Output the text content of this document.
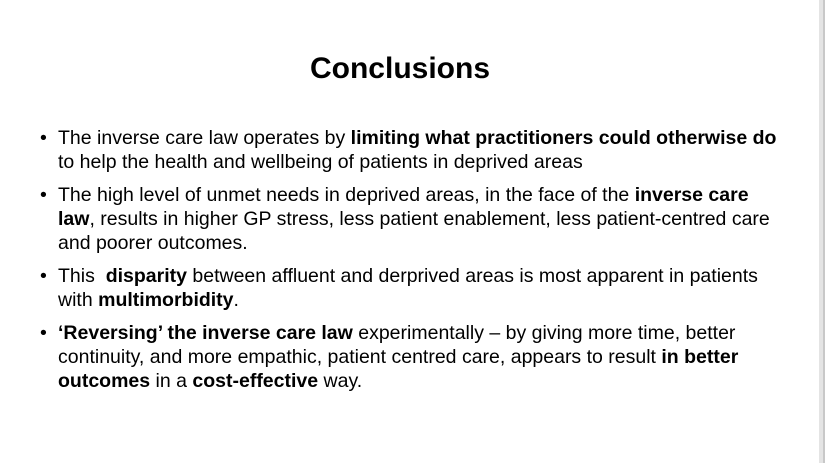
Conclusions
• The inverse care law operates by limiting what practitioners could otherwise do to help the health and wellbeing of patients in deprived areas
• The high level of unmet needs in deprived areas, in the face of the inverse care law, results in higher GP stress, less patient enablement, less patient-centred care and poorer outcomes.
• This  disparity between affluent and derprived areas is most apparent in patients with multimorbidity.
• ‘Reversing’ the inverse care law experimentally – by giving more time, better continuity, and more empathic, patient centred care, appears to result in better outcomes in a cost-effective way.
